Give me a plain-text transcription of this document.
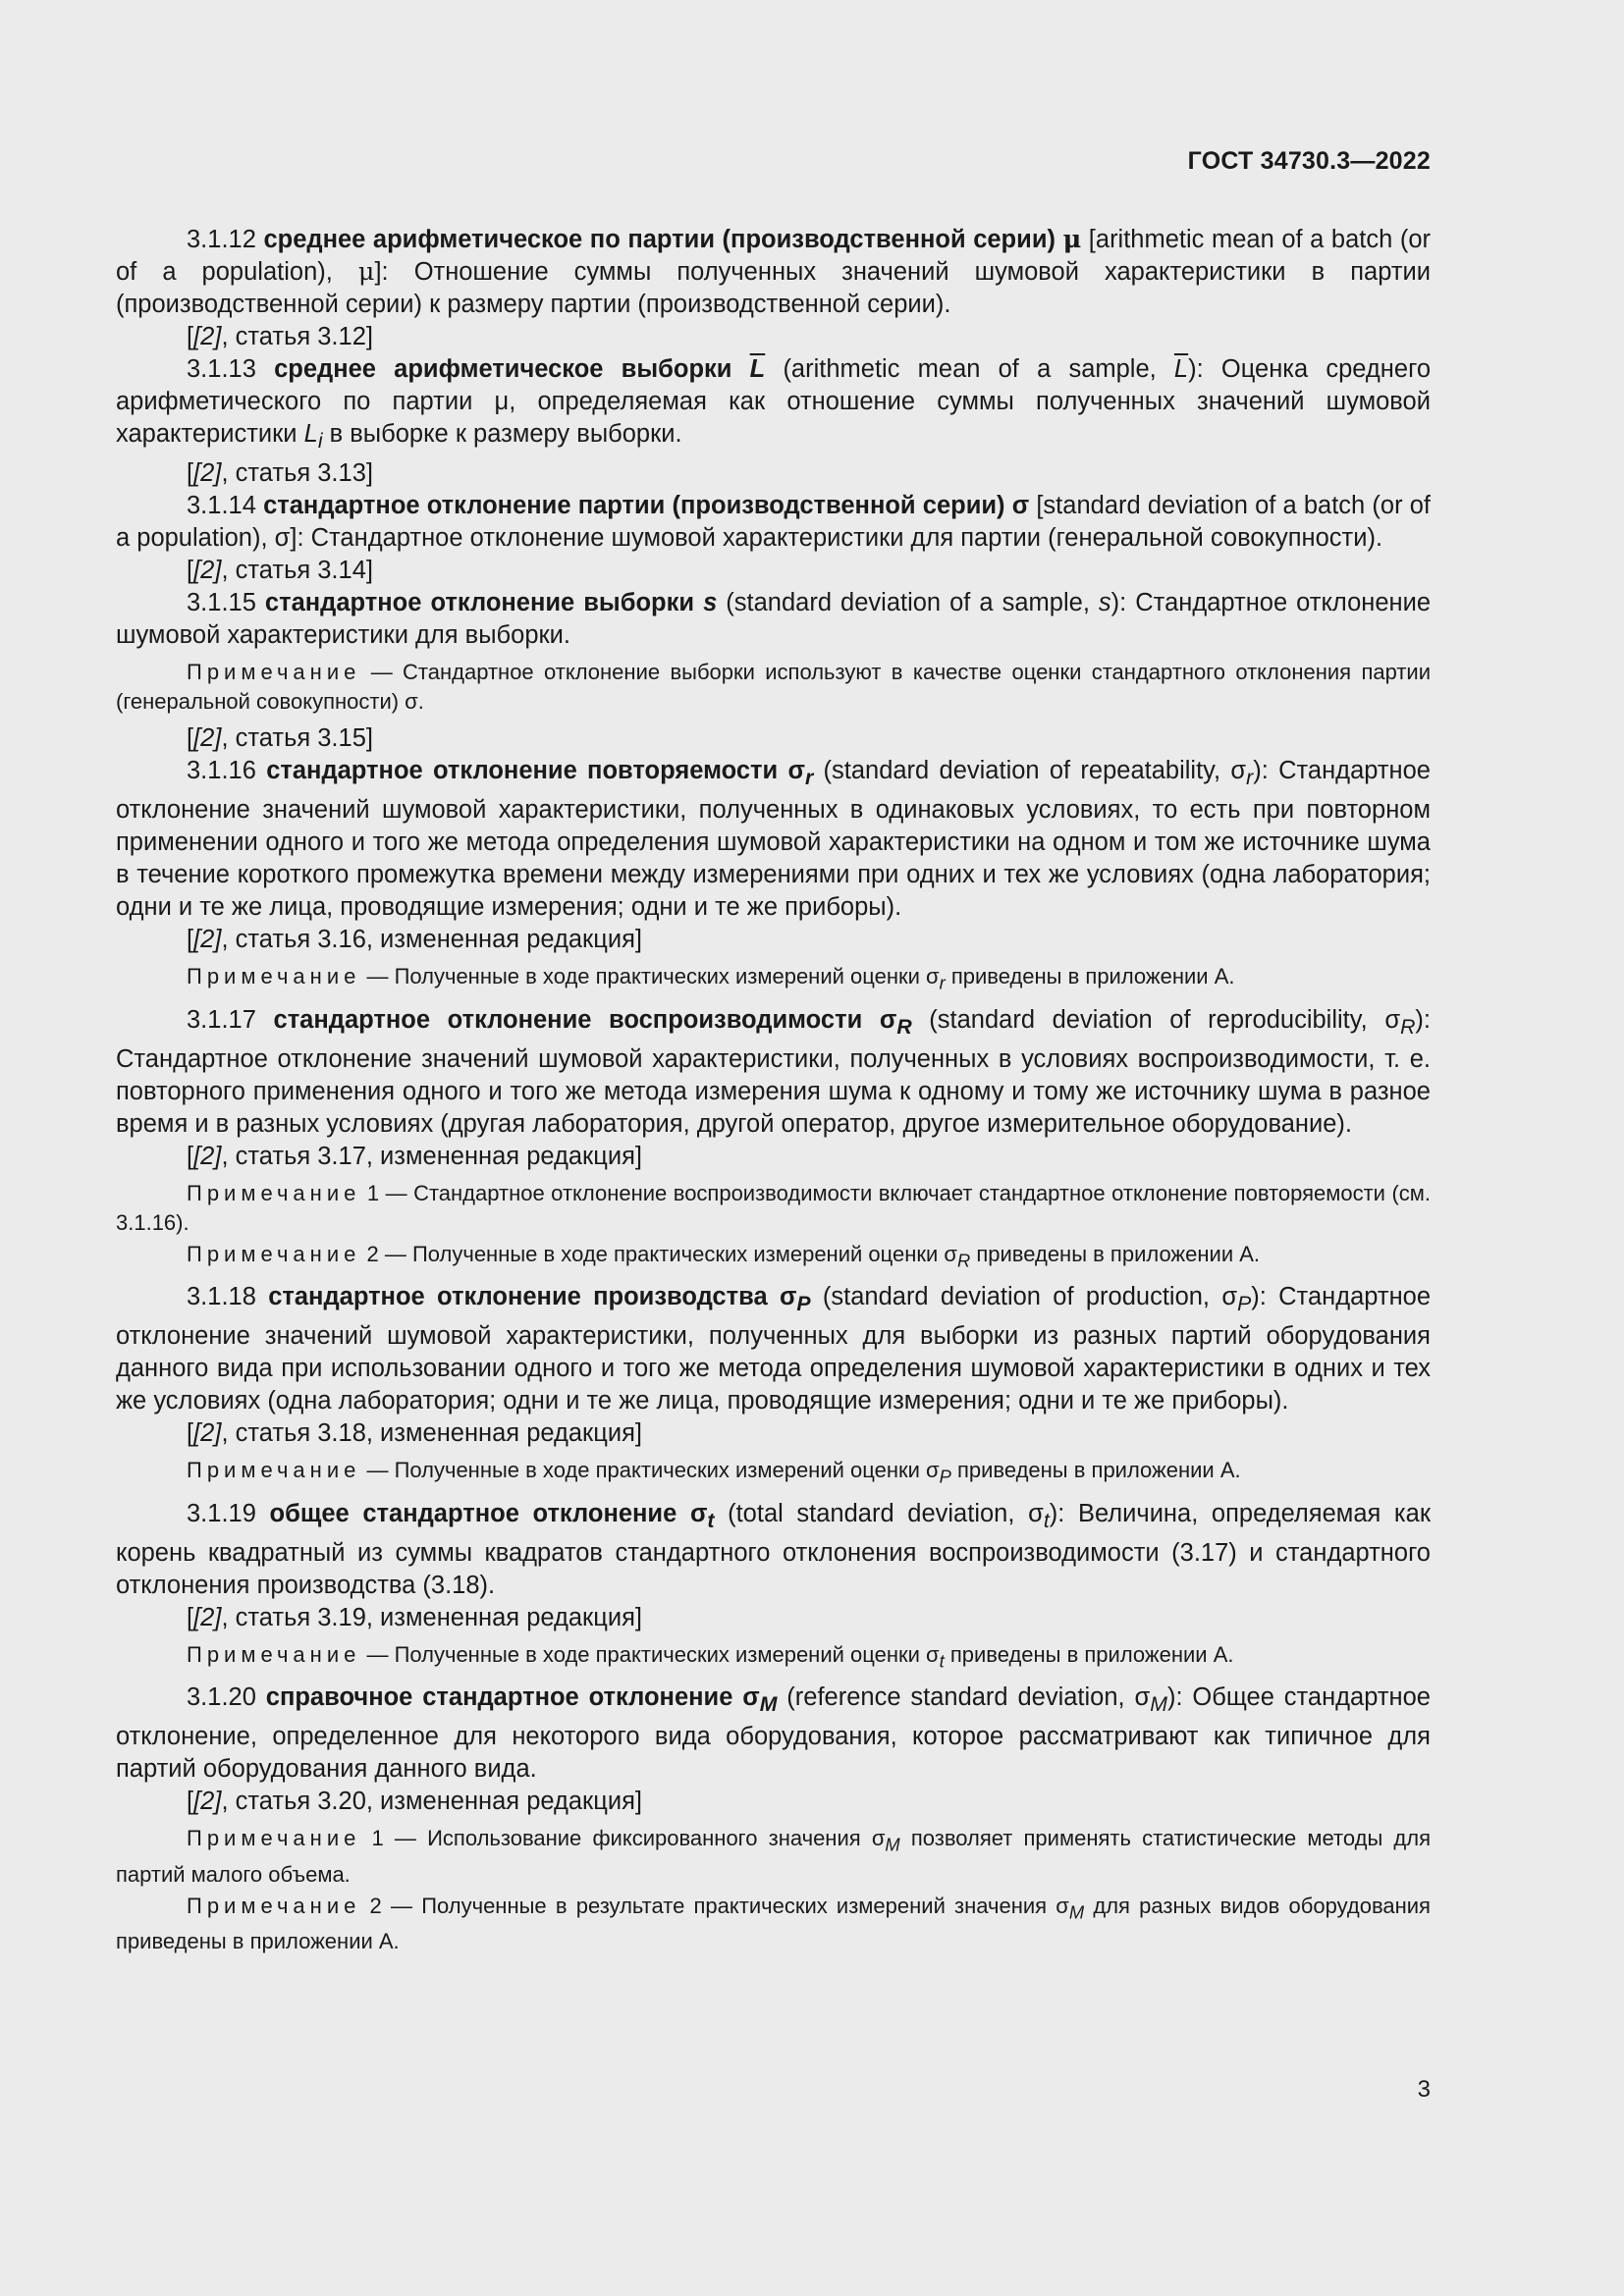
ГОСТ 34730.3—2022

3.1.12 среднее арифметическое по партии (производственной серии) μ [arithmetic mean of a batch (or of a population), μ]: Отношение суммы полученных значений шумовой характеристики в партии (производственной серии) к размеру партии (производственной серии).

[[2], статья 3.12]

3.1.13 среднее арифметическое выборки $\overline{L}$ (arithmetic mean of a sample, $\overline{L}$): Оценка среднего арифметического по партии μ, определяемая как отношение суммы полученных значений шумовой характеристики $L_i$ в выборке к размеру выборки.

[[2], статья 3.13]

3.1.14 стандартное отклонение партии (производственной серии) σ [standard deviation of a batch (or of a population), σ]: Стандартное отклонение шумовой характеристики для партии (генеральной совокупности).

[[2], статья 3.14]

3.1.15 стандартное отклонение выборки s (standard deviation of a sample, s): Стандартное отклонение шумовой характеристики для выборки.

Примечание — Стандартное отклонение выборки используют в качестве оценки стандартного отклонения партии (генеральной совокупности) σ.

[[2], статья 3.15]

3.1.16 стандартное отклонение повторяемости $\sigma_r$ (standard deviation of repeatability, $\sigma_r$): Стандартное отклонение значений шумовой характеристики, полученных в одинаковых условиях, то есть при повторном применении одного и того же метода определения шумовой характеристики на одном и том же источнике шума в течение короткого промежутка времени между измерениями при одних и тех же условиях (одна лаборатория; одни и те же лица, проводящие измерения; одни и те же приборы).

[[2], статья 3.16, измененная редакция]

Примечание — Полученные в ходе практических измерений оценки $\sigma_r$ приведены в приложении А.

3.1.17 стандартное отклонение воспроизводимости $\sigma_R$ (standard deviation of reproducibility, $\sigma_R$): Стандартное отклонение значений шумовой характеристики, полученных в условиях воспроизводимости, т. е. повторного применения одного и того же метода измерения шума к одному и тому же источнику шума в разное время и в разных условиях (другая лаборатория, другой оператор, другое измерительное оборудование).

[[2], статья 3.17, измененная редакция]

Примечание 1 — Стандартное отклонение воспроизводимости включает стандартное отклонение повторяемости (см. 3.1.16).

Примечание 2 — Полученные в ходе практических измерений оценки $\sigma_R$ приведены в приложении А.

3.1.18 стандартное отклонение производства $\sigma_P$ (standard deviation of production, $\sigma_P$): Стандартное отклонение значений шумовой характеристики, полученных для выборки из разных партий оборудования данного вида при использовании одного и того же метода определения шумовой характеристики в одних и тех же условиях (одна лаборатория; одни и те же лица, проводящие измерения; одни и те же приборы).

[[2], статья 3.18, измененная редакция]

Примечание — Полученные в ходе практических измерений оценки $\sigma_P$ приведены в приложении А.

3.1.19 общее стандартное отклонение $\sigma_t$ (total standard deviation, $\sigma_t$): Величина, определяемая как корень квадратный из суммы квадратов стандартного отклонения воспроизводимости (3.17) и стандартного отклонения производства (3.18).

[[2], статья 3.19, измененная редакция]

Примечание — Полученные в ходе практических измерений оценки $\sigma_t$ приведены в приложении А.

3.1.20 справочное стандартное отклонение $\sigma_M$ (reference standard deviation, $\sigma_M$): Общее стандартное отклонение, определенное для некоторого вида оборудования, которое рассматривают как типичное для партий оборудования данного вида.

[[2], статья 3.20, измененная редакция]

Примечание 1 — Использование фиксированного значения $\sigma_M$ позволяет применять статистические методы для партий малого объема.

Примечание 2 — Полученные в результате практических измерений значения $\sigma_M$ для разных видов оборудования приведены в приложении А.

3
